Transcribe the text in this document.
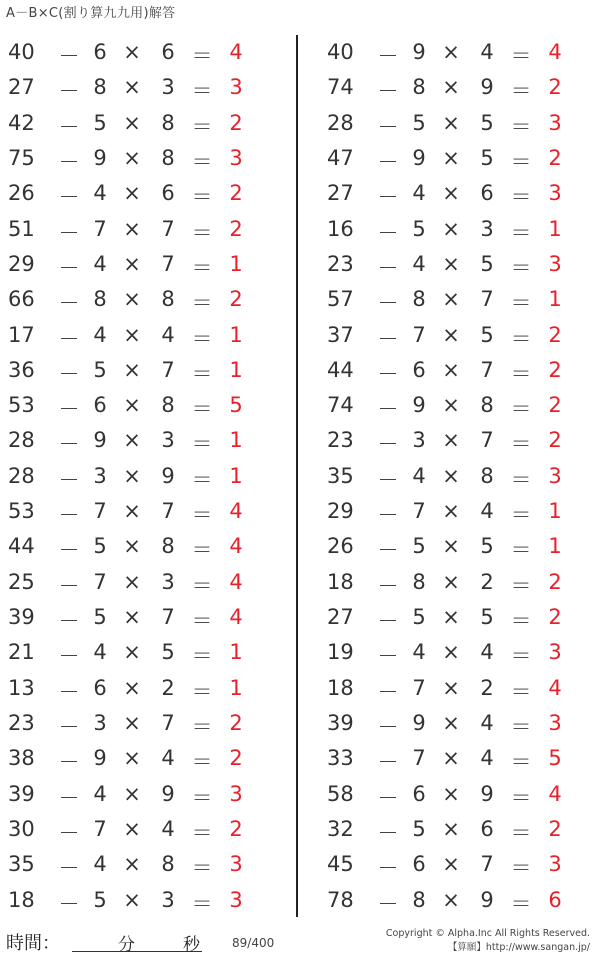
A－B×C(割り算九九用)解答
40	－ 6 × 6 ＝ 4
27	－ 8 × 3 ＝ 3
42	－ 5 × 8 ＝ 2
75	－ 9 × 8 ＝ 3
26	－ 4 × 6 ＝ 2
51	－ 7 × 7 ＝ 2
29	－ 4 × 7 ＝ 1
66	－ 8 × 8 ＝ 2
17	－ 4 × 4 ＝ 1
36	－ 5 × 7 ＝ 1
53	－ 6 × 8 ＝ 5
28	－ 9 × 3 ＝ 1
28	－ 3 × 9 ＝ 1
53	－ 7 × 7 ＝ 4
44	－ 5 × 8 ＝ 4
25	－ 7 × 3 ＝ 4
39	－ 5 × 7 ＝ 4
21	－ 4 × 5 ＝ 1
13	－ 6 × 2 ＝ 1
23	－ 3 × 7 ＝ 2
38	－ 9 × 4 ＝ 2
39	－ 4 × 9 ＝ 3
30	－ 7 × 4 ＝ 2
35	－ 4 × 8 ＝ 3
18	－ 5 × 3 ＝ 3
40	－ 9 × 4 ＝ 4
74	－ 8 × 9 ＝ 2
28	－ 5 × 5 ＝ 3
47	－ 9 × 5 ＝ 2
27	－ 4 × 6 ＝ 3
16	－ 5 × 3 ＝ 1
23	－ 4 × 5 ＝ 3
57	－ 8 × 7 ＝ 1
37	－ 7 × 5 ＝ 2
44	－ 6 × 7 ＝ 2
74	－ 9 × 8 ＝ 2
23	－ 3 × 7 ＝ 2
35	－ 4 × 8 ＝ 3
29	－ 7 × 4 ＝ 1
26	－ 5 × 5 ＝ 1
18	－ 8 × 2 ＝ 2
27	－ 5 × 5 ＝ 2
19	－ 4 × 4 ＝ 3
18	－ 7 × 2 ＝ 4
39	－ 9 × 4 ＝ 3
33	－ 7 × 4 ＝ 5
58	－ 6 × 9 ＝ 4
32	－ 5 × 6 ＝ 2
45	－ 6 × 7 ＝ 3
78	－ 8 × 9 ＝ 6
時間：	分	秒	89/400
Copyright © Alpha.Inc All Rights Reserved.
【算願】http://www.sangan.jp/
